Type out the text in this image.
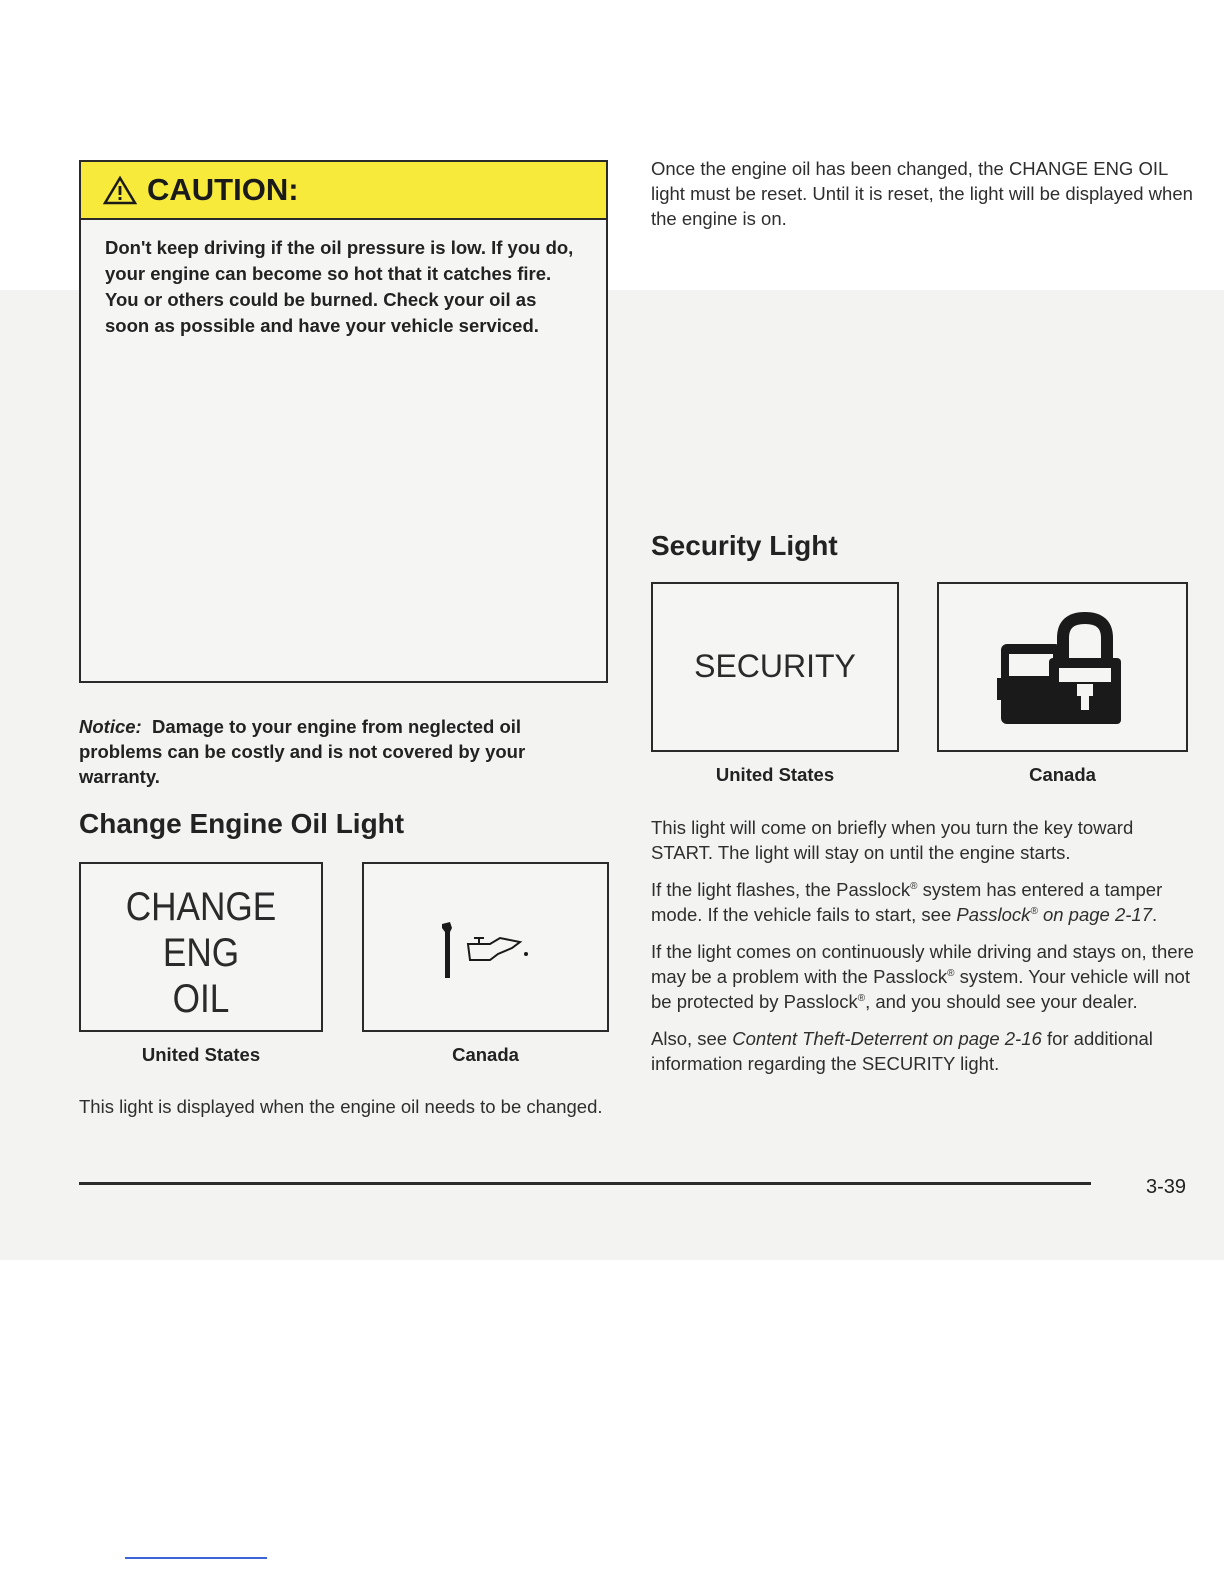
CAUTION:
Don't keep driving if the oil pressure is low. If you do, your engine can become so hot that it catches fire. You or others could be burned. Check your oil as soon as possible and have your vehicle serviced.
Notice: Damage to your engine from neglected oil problems can be costly and is not covered by your warranty.
Change Engine Oil Light
CHANGE
ENG
OIL
United States	Canada
This light is displayed when the engine oil needs to be changed.
Once the engine oil has been changed, the CHANGE ENG OIL light must be reset. Until it is reset, the light will be displayed when the engine is on.
Security Light
SECURITY
United States	Canada

This light will come on briefly when you turn the key toward START. The light will stay on until the engine starts.

If the light flashes, the Passlock® system has entered a tamper mode. If the vehicle fails to start, see Passlock® on page 2-17.

If the light comes on continuously while driving and stays on, there may be a problem with the Passlock® system. Your vehicle will not be protected by Passlock®, and you should see your dealer.

Also, see Content Theft-Deterrent on page 2-16 for additional information regarding the SECURITY light.

3-39
